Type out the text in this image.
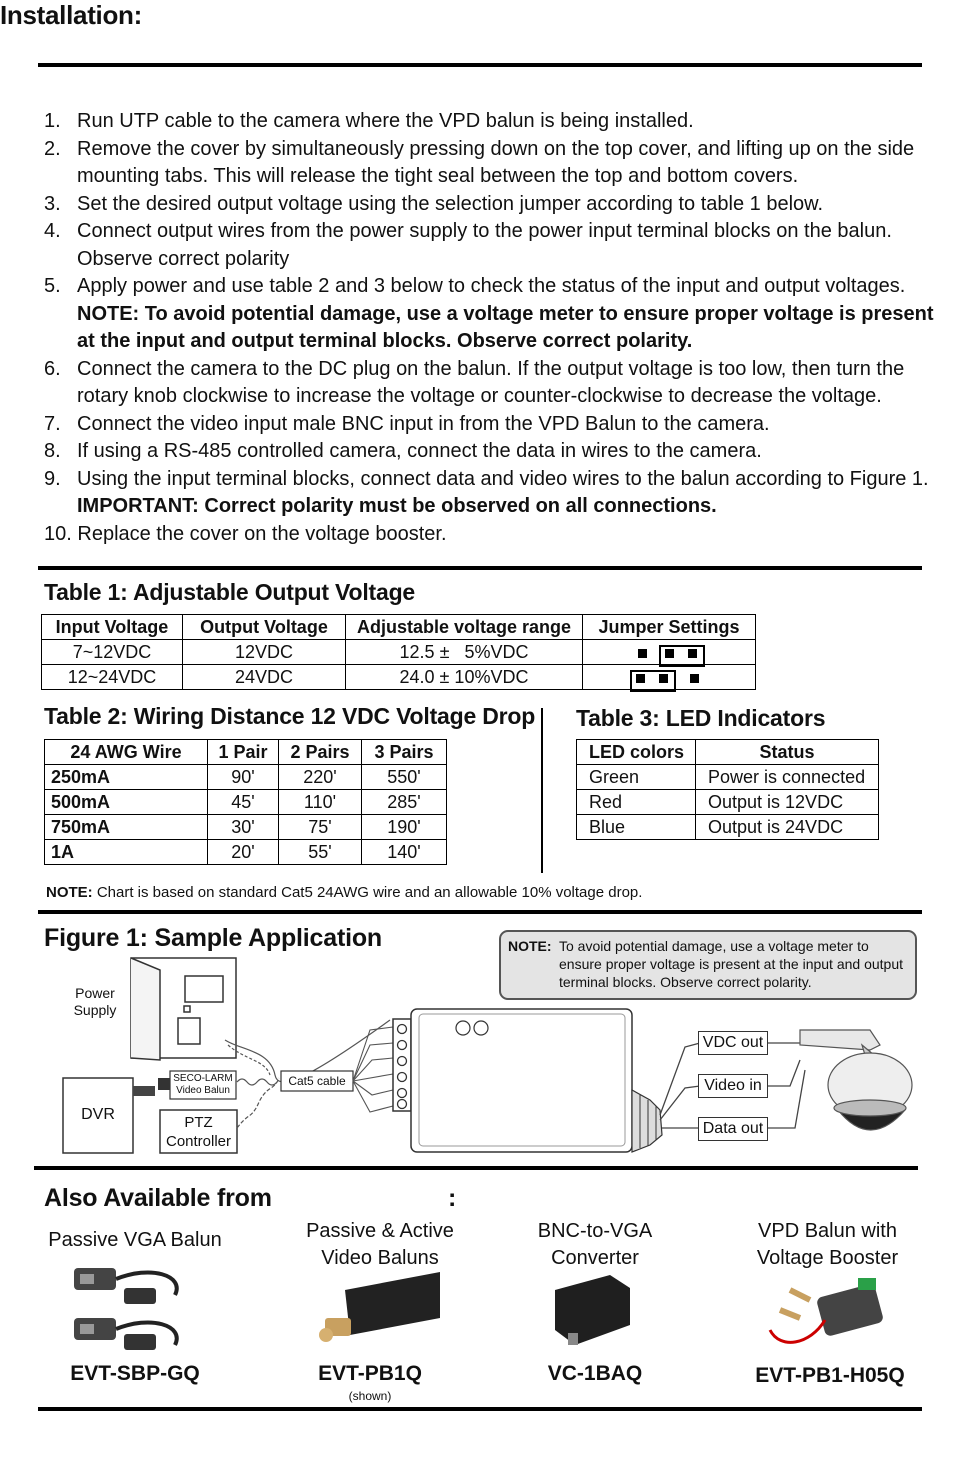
Installation:
1. Run UTP cable to the camera where the VPD balun is being installed.
2. Remove the cover by simultaneously pressing down on the top cover, and lifting up on the side mounting tabs. This will release the tight seal between the top and bottom covers.
3. Set the desired output voltage using the selection jumper according to table 1 below.
4. Connect output wires from the power supply to the power input terminal blocks on the balun. Observe correct polarity
5. Apply power and use table 2 and 3 below to check the status of the input and output voltages.
NOTE: To avoid potential damage, use a voltage meter to ensure proper voltage is present at the input and output terminal blocks. Observe correct polarity.
6. Connect the camera to the DC plug on the balun. If the output voltage is too low, then turn the rotary knob clockwise to increase the voltage or counter-clockwise to decrease the voltage.
7. Connect the video input male BNC input in from the VPD Balun to the camera.
8. If using a RS-485 controlled camera, connect the data in wires to the camera.
9. Using the input terminal blocks, connect data and video wires to the balun according to Figure 1.
IMPORTANT: Correct polarity must be observed on all connections.
10. Replace the cover on the voltage booster.
Table 1: Adjustable Output Voltage
Input Voltage	Output Voltage	Adjustable voltage range	Jumper Settings
7~12VDC	12VDC	12.5 ±   5%VDC	

12~24VDC	24VDC	24.0 ± 10%VDC	
Table 2: Wiring Distance 12 VDC Voltage Drop
24 AWG Wire	1 Pair	2 Pairs	3 Pairs
250mA	90'	220'	550'
500mA	45'	110'	285'
750mA	30'	75'	190'
1A	20'	55'	140'
Table 3: LED Indicators
LED colors	Status
Green	Power is connected
Red	Output is 12VDC
Blue	Output is 24VDC
NOTE: Chart is based on standard Cat5 24AWG wire and an allowable 10% voltage drop.
Figure 1: Sample Application	NOTE: To avoid potential damage, use a voltage meter to ensure proper voltage is present at the input and output terminal blocks. Observe correct polarity.
Power Supply
DVR	PTZ Controller
SECO-LARM
Video Balun
Cat5 cable
VDC out
Video in
Data out
Also Available from	:
Passive VGA Balun	Passive & Active Video Baluns
BNC-to-VGA Converter
VPD Balun with Voltage Booster
EVT-SBP-GQ	EVT-PB1Q
(shown)
VC-1BAQ	EVT-PB1-H05Q
